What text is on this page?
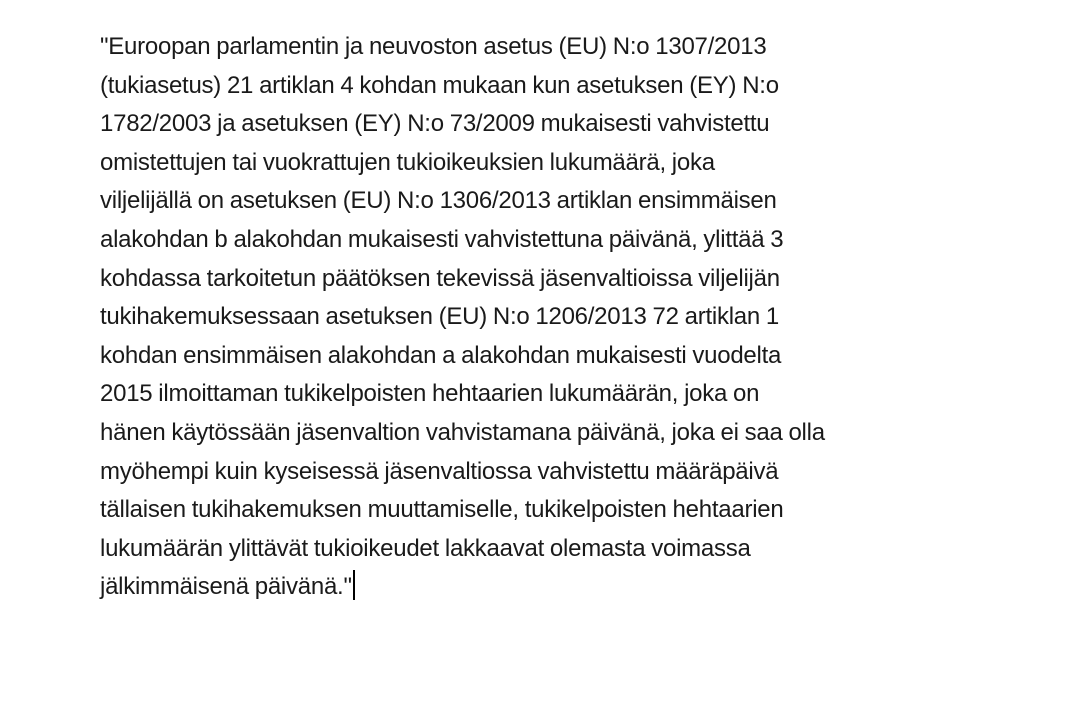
"Euroopan parlamentin ja neuvoston asetus (EU) N:o 1307/2013
(tukiasetus) 21 artiklan 4 kohdan mukaan kun asetuksen (EY) N:o
1782/2003 ja asetuksen (EY) N:o 73/2009 mukaisesti vahvistettu
omistettujen tai vuokrattujen tukioikeuksien lukumäärä, joka
viljelijällä on asetuksen (EU) N:o 1306/2013 artiklan ensimmäisen
alakohdan b alakohdan mukaisesti vahvistettuna päivänä, ylittää 3
kohdassa tarkoitetun päätöksen tekevissä jäsenvaltioissa viljelijän
tukihakemuksessaan asetuksen (EU) N:o 1206/2013 72 artiklan 1
kohdan ensimmäisen alakohdan a alakohdan mukaisesti vuodelta
2015 ilmoittaman tukikelpoisten hehtaarien lukumäärän, joka on
hänen käytössään jäsenvaltion vahvistamana päivänä, joka ei saa olla
myöhempi kuin kyseisessä jäsenvaltiossa vahvistettu määräpäivä
tällaisen tukihakemuksen muuttamiselle, tukikelpoisten hehtaarien
lukumäärän ylittävät tukioikeudet lakkaavat olemasta voimassa
jälkimmäisenä päivänä."
